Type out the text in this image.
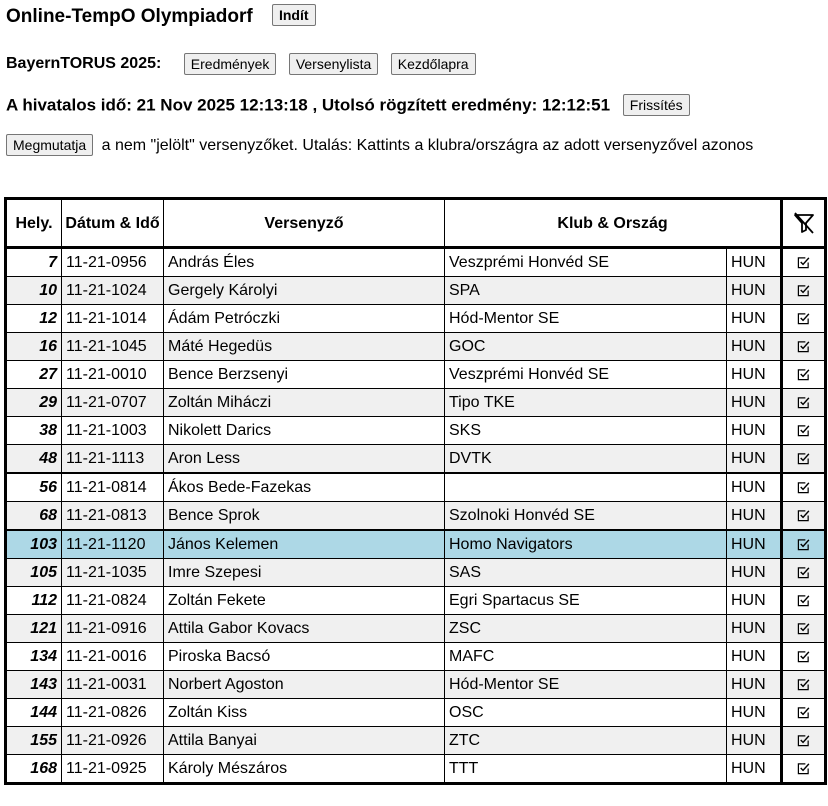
Online-TempO Olympiadorf Indít
BayernTORUS 2025: Eredmények Versenylista Kezdőlapra
A hivatalos idő: 21 Nov 2025 12:13:18 , Utolsó rögzített eredmény: 12:12:51 Frissítés
Megmutatja a nem "jelölt" versenyzőket. Utalás: Kattints a klubra/országra az adott versenyzővel azonos
Hely.	Dátum & Idő	Versenyző	Klub & Ország	
7	11-21-0956	András Éles	Veszprémi Honvéd SE	HUN	
10	11-21-1024	Gergely Károlyi	SPA	HUN	
12	11-21-1014	Ádám Petróczki	Hód-Mentor SE	HUN	
16	11-21-1045	Máté Hegedüs	GOC	HUN	
27	11-21-0010	Bence Berzsenyi	Veszprémi Honvéd SE	HUN	
29	11-21-0707	Zoltán Miháczi	Tipo TKE	HUN	
38	11-21-1003	Nikolett Darics	SKS	HUN	
48	11-21-1113	Aron Less	DVTK	HUN	
56	11-21-0814	Ákos Bede-Fazekas		HUN	
68	11-21-0813	Bence Sprok	Szolnoki Honvéd SE	HUN	
103	11-21-1120	János Kelemen	Homo Navigators	HUN	
105	11-21-1035	Imre Szepesi	SAS	HUN	
112	11-21-0824	Zoltán Fekete	Egri Spartacus SE	HUN	
121	11-21-0916	Attila Gabor Kovacs	ZSC	HUN	
134	11-21-0016	Piroska Bacsó	MAFC	HUN	
143	11-21-0031	Norbert Agoston	Hód-Mentor SE	HUN	
144	11-21-0826	Zoltán Kiss	OSC	HUN	
155	11-21-0926	Attila Banyai	ZTC	HUN	
168	11-21-0925	Károly Mészáros	TTT	HUN	
